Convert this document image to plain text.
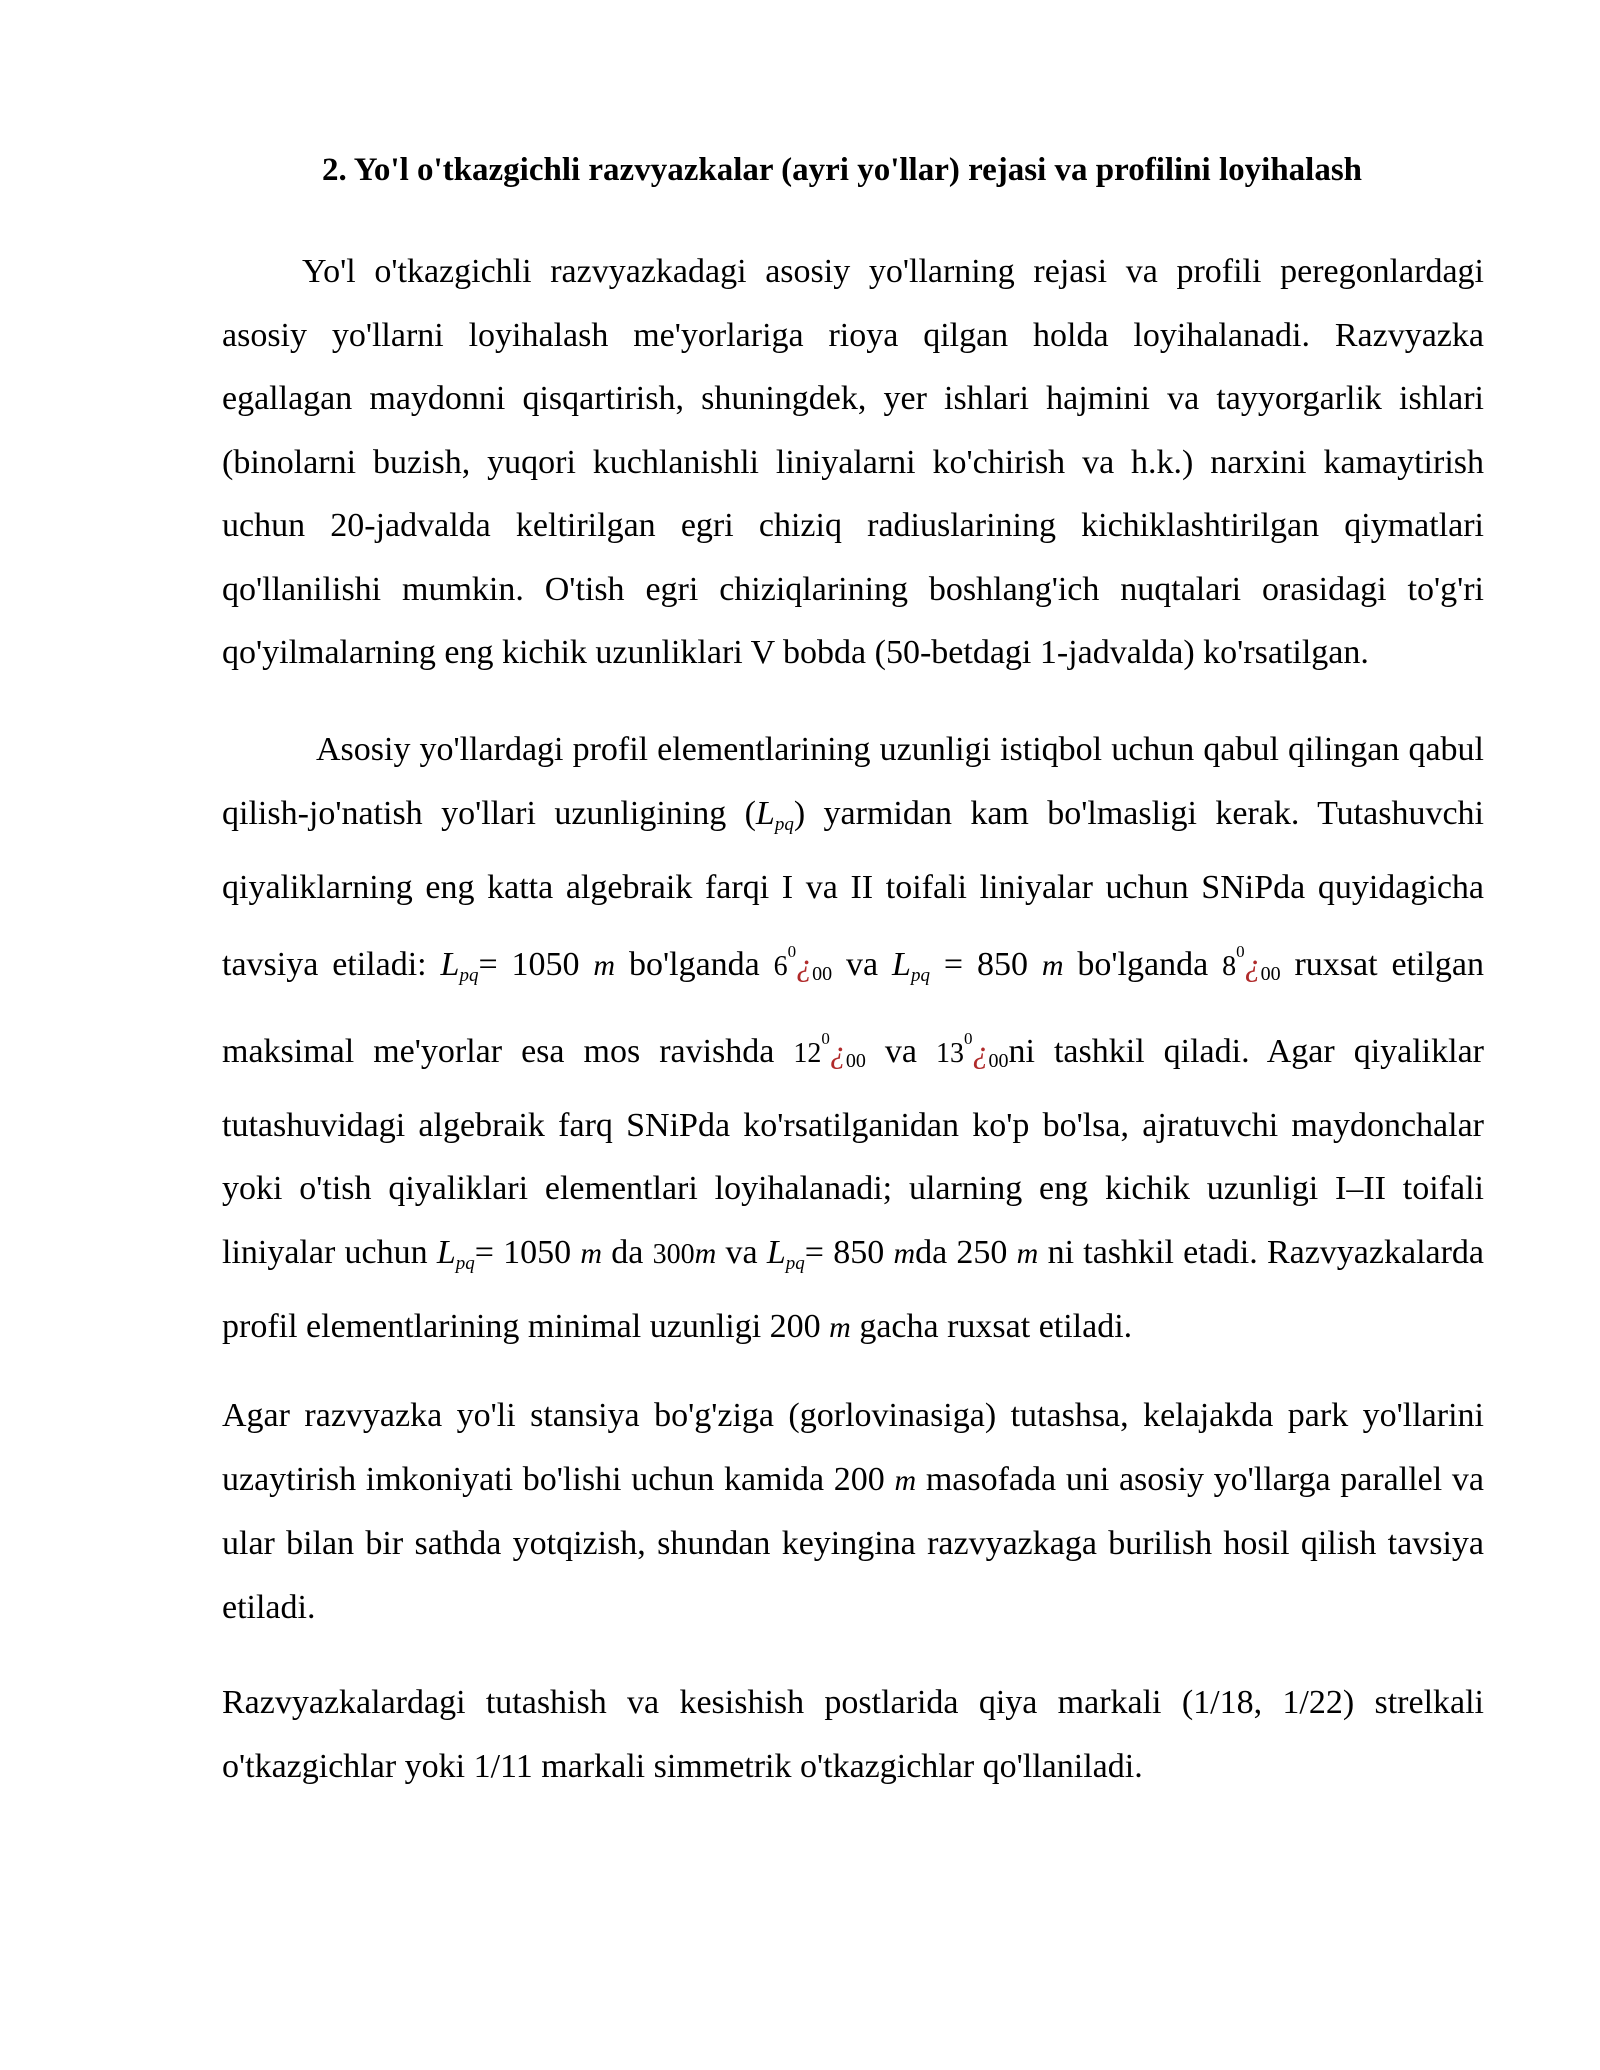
2. Yo'l o'tkazgichli razvyazkalar (ayri yo'llar) rejasi va profilini loyihalash
Yo'l o'tkazgichli razvyazkadagi asosiy yo'llarning rejasi va profili peregonlardagi asosiy yo'llarni loyihalash me'yorlariga rioya qilgan holda loyihalanadi. Razvyazka egallagan maydonni qisqartirish, shuningdek, yer ishlari hajmini va tayyorgarlik ishlari (binolarni buzish, yuqori kuchlanishli liniyalarni ko'chirish va h.k.) narxini kamaytirish uchun 20-jadvalda keltirilgan egri chiziq radiuslarining kichiklashtirilgan qiymatlari qo'llanilishi mumkin. O'tish egri chiziqlarining boshlang'ich nuqtalari orasidagi to'g'ri qo'yilmalarning eng kichik uzunliklari V bobda (50-betdagi 1-jadvalda) ko'rsatilgan.
Asosiy yo'llardagi profil elementlarining uzunligi istiqbol uchun qabul qilingan qabul qilish-jo'natish yo'llari uzunligining $(L_{pq})$ yarmidan kam bo'lmasligi kerak. Tutashuvchi qiyaliklarning eng katta algebraik farqi I va II toifali liniyalar uchun SNiPda quyidagicha tavsiya etiladi: $L_{pq}= 1050$ m bo'lganda $6^0¿00$ va $L_{pq} = 850$ m bo'lganda $8^0¿00$ ruxsat etilgan maksimal me'yorlar esa mos ravishda $12^0¿00$ va $13^0¿00ni$ tashkil qiladi. Agar qiyaliklar tutashuvidagi algebraik farq SNiPda ko'rsatilganidan ko'p bo'lsa, ajratuvchi maydonchalar yoki o'tish qiyaliklari elementlari loyihalanadi; ularning eng kichik uzunligi I–II toifali liniyalar uchun $L_{pq}= 1050$ m da 300m va $L_{pq}= 850$ mda 250 m ni tashkil etadi. Razvyazkalarda profil elementlarining minimal uzunligi 200 m gacha ruxsat etiladi.
Agar razvyazka yo'li stansiya bo'g'ziga (gorlovinasiga) tutashsa, kelajakda park yo'llarini uzaytirish imkoniyati bo'lishi uchun kamida 200 m masofada uni asosiy yo'llarga parallel va ular bilan bir sathda yotqizish, shundan keyingina razvyazkaga burilish hosil qilish tavsiya etiladi.
Razvyazkalardagi tutashish va kesishish postlarida qiya markali (1/18, 1/22) strelkali o'tkazgichlar yoki 1/11 markali simmetrik o'tkazgichlar qo'llaniladi.
